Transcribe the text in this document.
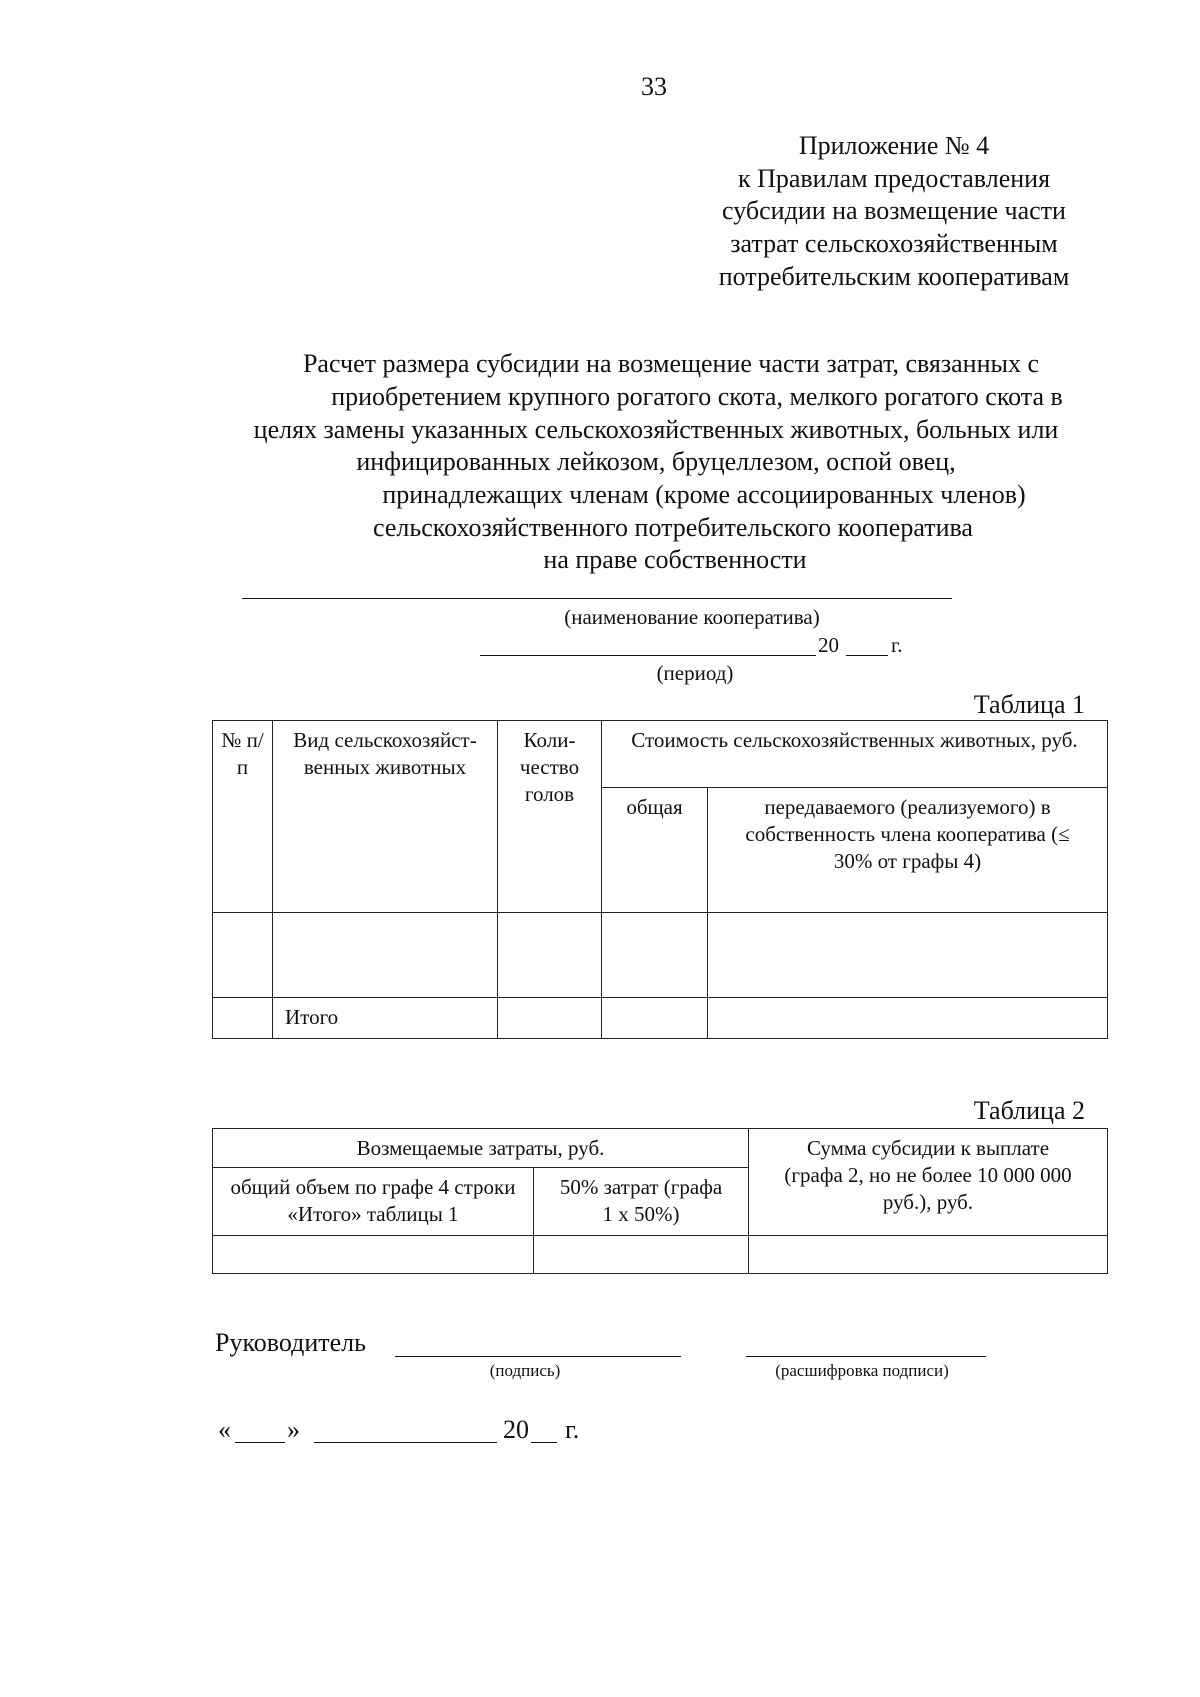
33
Приложение № 4
к Правилам предоставления
субсидии на возмещение части
затрат сельскохозяйственным
потребительским кооперативам
Расчет размера субсидии на возмещение части затрат, связанных с
приобретением крупного рогатого скота, мелкого рогатого скота в
целях замены указанных сельскохозяйственных животных, больных или
инфицированных лейкозом, бруцеллезом, оспой овец,
принадлежащих членам (кроме ассоциированных членов)
сельскохозяйственного потребительского кооператива
на праве собственности
(наименование кооператива)
20 г.
(период)
Таблица 1
№ п/п	Вид сельскохозяйст-венных животных	Коли-чество голов	Стоимость сельскохозяйственных животных, руб.	
			общая	передаваемого (реализуемого) в собственность члена кооператива (≤ 30% от графы 4)

	Итого			
Таблица 2
Возмещаемые затраты, руб.		Сумма субсидии к выплате (графа 2, но не более 10 000 000 руб.), руб.
общий объем по графе 4 строки «Итого» таблицы 1	50% затрат (графа 1 х 50%)	

Руководитель
(подпись)	(расшифровка подписи)
« »	20 г.
